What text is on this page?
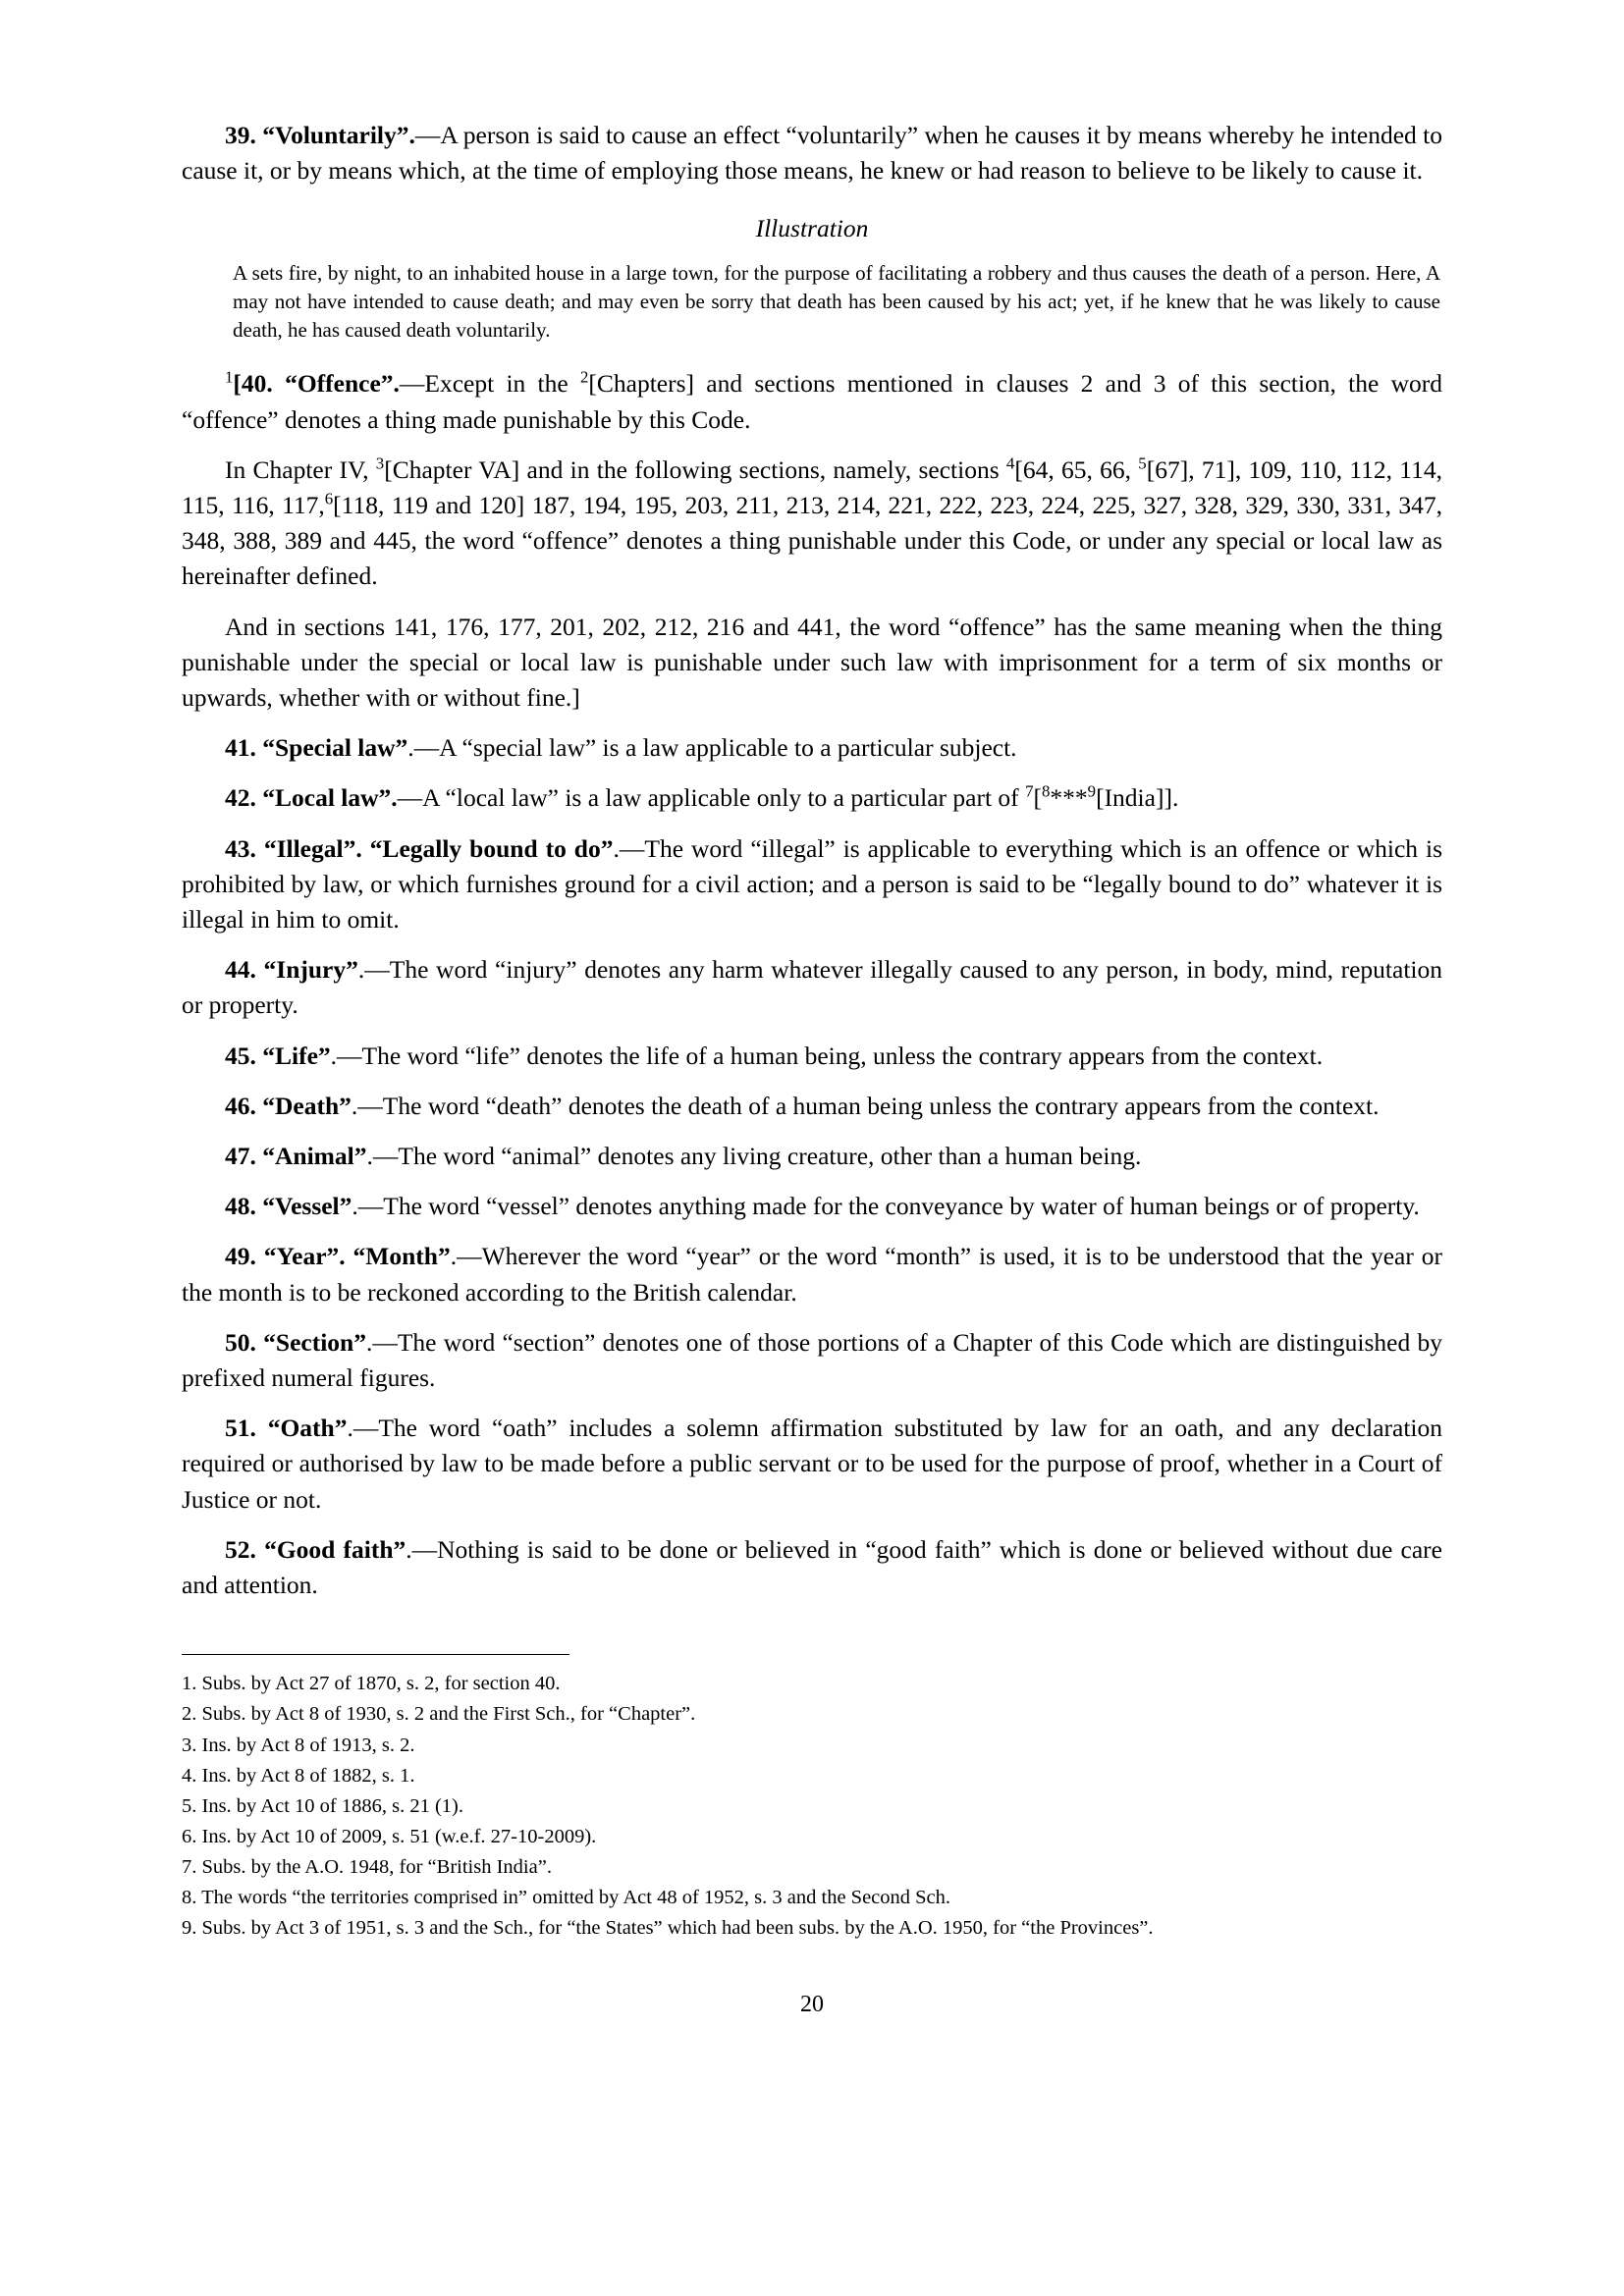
39. “Voluntarily”.—A person is said to cause an effect “voluntarily” when he causes it by means whereby he intended to cause it, or by means which, at the time of employing those means, he knew or had reason to believe to be likely to cause it.

Illustration

A sets fire, by night, to an inhabited house in a large town, for the purpose of facilitating a robbery and thus causes the death of a person. Here, A may not have intended to cause death; and may even be sorry that death has been caused by his act; yet, if he knew that he was likely to cause death, he has caused death voluntarily.

$^1$[40. “Offence”.—Except in the $^2$[Chapters] and sections mentioned in clauses 2 and 3 of this section, the word “offence” denotes a thing made punishable by this Code.

In Chapter IV, $^3$[Chapter VA] and in the following sections, namely, sections $^4$[64, 65, 66, $^5$[67], 71], 109, 110, 112, 114, 115, 116, 117,$^6$[118, 119 and 120] 187, 194, 195, 203, 211, 213, 214, 221, 222, 223, 224, 225, 327, 328, 329, 330, 331, 347, 348, 388, 389 and 445, the word “offence” denotes a thing punishable under this Code, or under any special or local law as hereinafter defined.

And in sections 141, 176, 177, 201, 202, 212, 216 and 441, the word “offence” has the same meaning when the thing punishable under the special or local law is punishable under such law with imprisonment for a term of six months or upwards, whether with or without fine.]

41. “Special law”.—A “special law” is a law applicable to a particular subject.

42. “Local law”.—A “local law” is a law applicable only to a particular part of $^7$[$^8$***$^9$[India]].

43. “Illegal”. “Legally bound to do”.—The word “illegal” is applicable to everything which is an offence or which is prohibited by law, or which furnishes ground for a civil action; and a person is said to be “legally bound to do” whatever it is illegal in him to omit.

44. “Injury”.—The word “injury” denotes any harm whatever illegally caused to any person, in body, mind, reputation or property.

45. “Life”.—The word “life” denotes the life of a human being, unless the contrary appears from the context.

46. “Death”.—The word “death” denotes the death of a human being unless the contrary appears from the context.

47. “Animal”.—The word “animal” denotes any living creature, other than a human being.

48. “Vessel”.—The word “vessel” denotes anything made for the conveyance by water of human beings or of property.

49. “Year”. “Month”.—Wherever the word “year” or the word “month” is used, it is to be understood that the year or the month is to be reckoned according to the British calendar.

50. “Section”.—The word “section” denotes one of those portions of a Chapter of this Code which are distinguished by prefixed numeral figures.

51. “Oath”.—The word “oath” includes a solemn affirmation substituted by law for an oath, and any declaration required or authorised by law to be made before a public servant or to be used for the purpose of proof, whether in a Court of Justice or not.

52. “Good faith”.—Nothing is said to be done or believed in “good faith” which is done or believed without due care and attention.

1. Subs. by Act 27 of 1870, s. 2, for section 40.

2. Subs. by Act 8 of 1930, s. 2 and the First Sch., for “Chapter”.

3. Ins. by Act 8 of 1913, s. 2.

4. Ins. by Act 8 of 1882, s. 1.

5. Ins. by Act 10 of 1886, s. 21 (1).

6. Ins. by Act 10 of 2009, s. 51 (w.e.f. 27-10-2009).

7. Subs. by the A.O. 1948, for “British India”.

8. The words “the territories comprised in” omitted by Act 48 of 1952, s. 3 and the Second Sch.

9. Subs. by Act 3 of 1951, s. 3 and the Sch., for “the States” which had been subs. by the A.O. 1950, for “the Provinces”.

20
